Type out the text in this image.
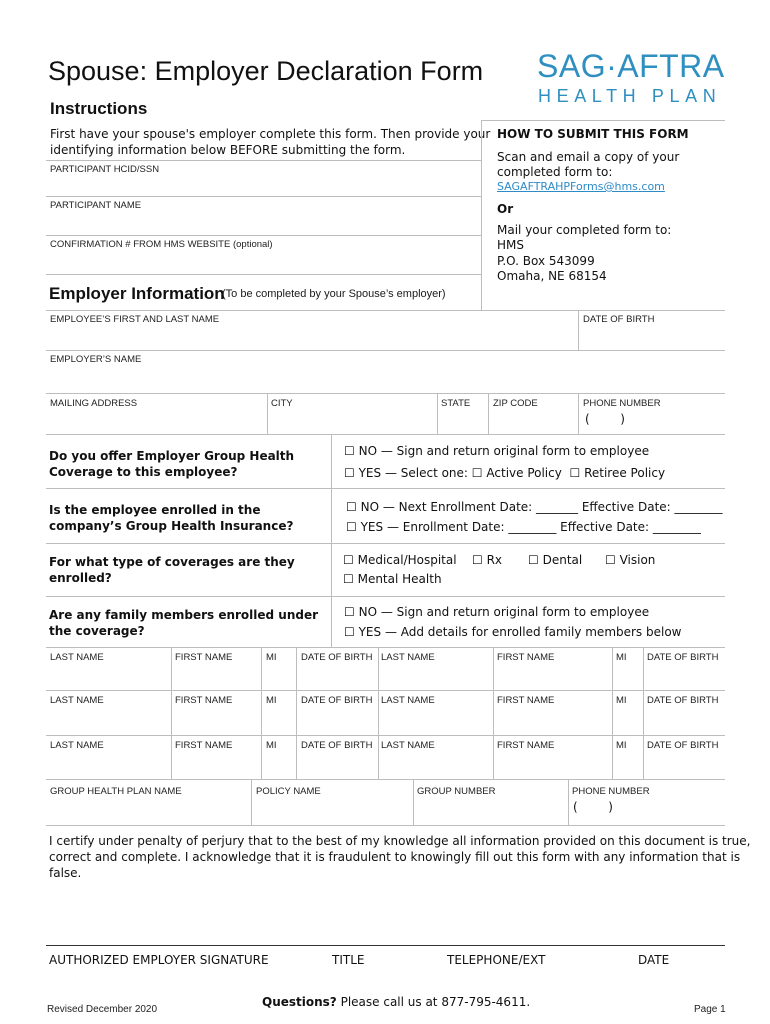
Spouse: Employer Declaration Form SAG·AFTRA
HEALTH PLAN
Instructions
First have your spouse's employer complete this form. Then provide your
identifying information below BEFORE submitting the form.
PARTICIPANT HCID/SSN
PARTICIPANT NAME
CONFIRMATION # FROM HMS WEBSITE (optional)
HOW TO SUBMIT THIS FORM
Scan and email a copy of your
completed form to:
SAGAFTRAHPForms@hms.com
Or
Mail your completed form to:
HMS
P.O. Box 543099
Omaha, NE 68154
Employer Information
(To be completed by your Spouse’s employer)
EMPLOYEE’S FIRST AND LAST NAME	DATE OF BIRTH
EMPLOYER’S NAME
MAILING ADDRESS	CITY	STATE ZIP CODE	PHONE NUMBER
(        )
Do you offer Employer Group Health Coverage to this employee?
☐ NO — Sign and return original form to employee
☐ YES — Select one: ☐ Active Policy ☐ Retiree Policy
Is the employee enrolled in the company’s Group Health Insurance?
☐ NO — Next Enrollment Date: _______ Effective Date: ________
☐ YES — Enrollment Date: ________ Effective Date: ________
For what type of coverages are they enrolled?
☐ Medical/Hospital ☐ Rx ☐ Dental ☐ Vision
☐ Mental Health
Are any family members enrolled under the coverage?
☐ NO — Sign and return original form to employee
☐ YES — Add details for enrolled family members below
LAST NAME	FIRST NAME	MI	DATE OF BIRTH LAST NAME	FIRST NAME	MI DATE OF BIRTH
LAST NAME	FIRST NAME	MI	DATE OF BIRTH LAST NAME	FIRST NAME	MI DATE OF BIRTH
LAST NAME	FIRST NAME	MI	DATE OF BIRTH LAST NAME	FIRST NAME	MI DATE OF BIRTH
GROUP HEALTH PLAN NAME	POLICY NAME	GROUP NUMBER	PHONE NUMBER
(        )
I certify under penalty of perjury that to the best of my knowledge all information provided on this document is true,
correct and complete. I acknowledge that it is fraudulent to knowingly fill out this form with any information that is
false.
AUTHORIZED EMPLOYER SIGNATURE	TITLE	TELEPHONE/EXT	DATE
Revised December 2020
Questions? Please call us at 877-795-4611.
Page 1
